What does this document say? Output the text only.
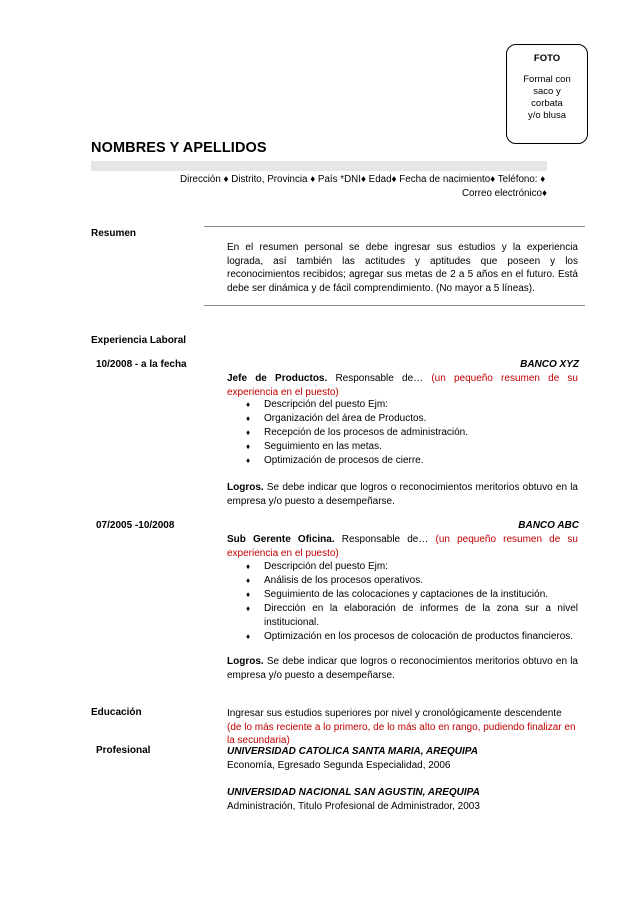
FOTO
Formal con
saco y
corbata
y/o blusa
NOMBRES Y APELLIDOS
Dirección ♦ Distrito, Provincia ♦ País *DNI♦ Edad♦ Fecha de nacimiento♦ Teléfono: ♦
Correo electrónico♦
Resumen
En el resumen personal se debe ingresar sus estudios y la experiencia lograda, así también las actitudes y aptitudes que poseen y los reconocimientos recibidos; agregar sus metas de 2 a 5 años en el futuro. Está debe ser dinámica y de fácil comprendimiento. (No mayor a 5 líneas).
Experiencia Laboral
10/2008 - a la fecha	BANCO XYZ
Jefe de Productos. Responsable de… (un pequeño resumen de su experiencia en el puesto)
♦ Descripción del puesto Ejm:
♦ Organización del área de Productos.
♦ Recepción de los procesos de administración.
♦ Seguimiento en las metas.
♦ Optimización de procesos de cierre.
Logros. Se debe indicar que logros o reconocimientos meritorios obtuvo en la empresa y/o puesto a desempeñarse.
07/2005 -10/2008	BANCO ABC
Sub Gerente Oficina. Responsable de… (un pequeño resumen de su experiencia en el puesto)
♦ Descripción del puesto Ejm:
♦ Análisis de los procesos operativos.
♦ Seguimiento de las colocaciones y captaciones de la institución.
♦ Dirección en la elaboración de informes de la zona sur a nivel institucional.
♦ Optimización en los procesos de colocación de productos financieros.
Logros. Se debe indicar que logros o reconocimientos meritorios obtuvo en la empresa y/o puesto a desempeñarse.
Educación	Ingresar sus estudios superiores por nivel y cronológicamente descendente (de lo más reciente a lo primero, de lo más alto en rango, pudiendo finalizar en la secundaria)
Profesional	UNIVERSIDAD CATOLICA SANTA MARIA, AREQUIPA
Economía, Egresado Segunda Especialidad, 2006
UNIVERSIDAD NACIONAL SAN AGUSTIN, AREQUIPA
Administración, Titulo Profesional de Administrador, 2003
